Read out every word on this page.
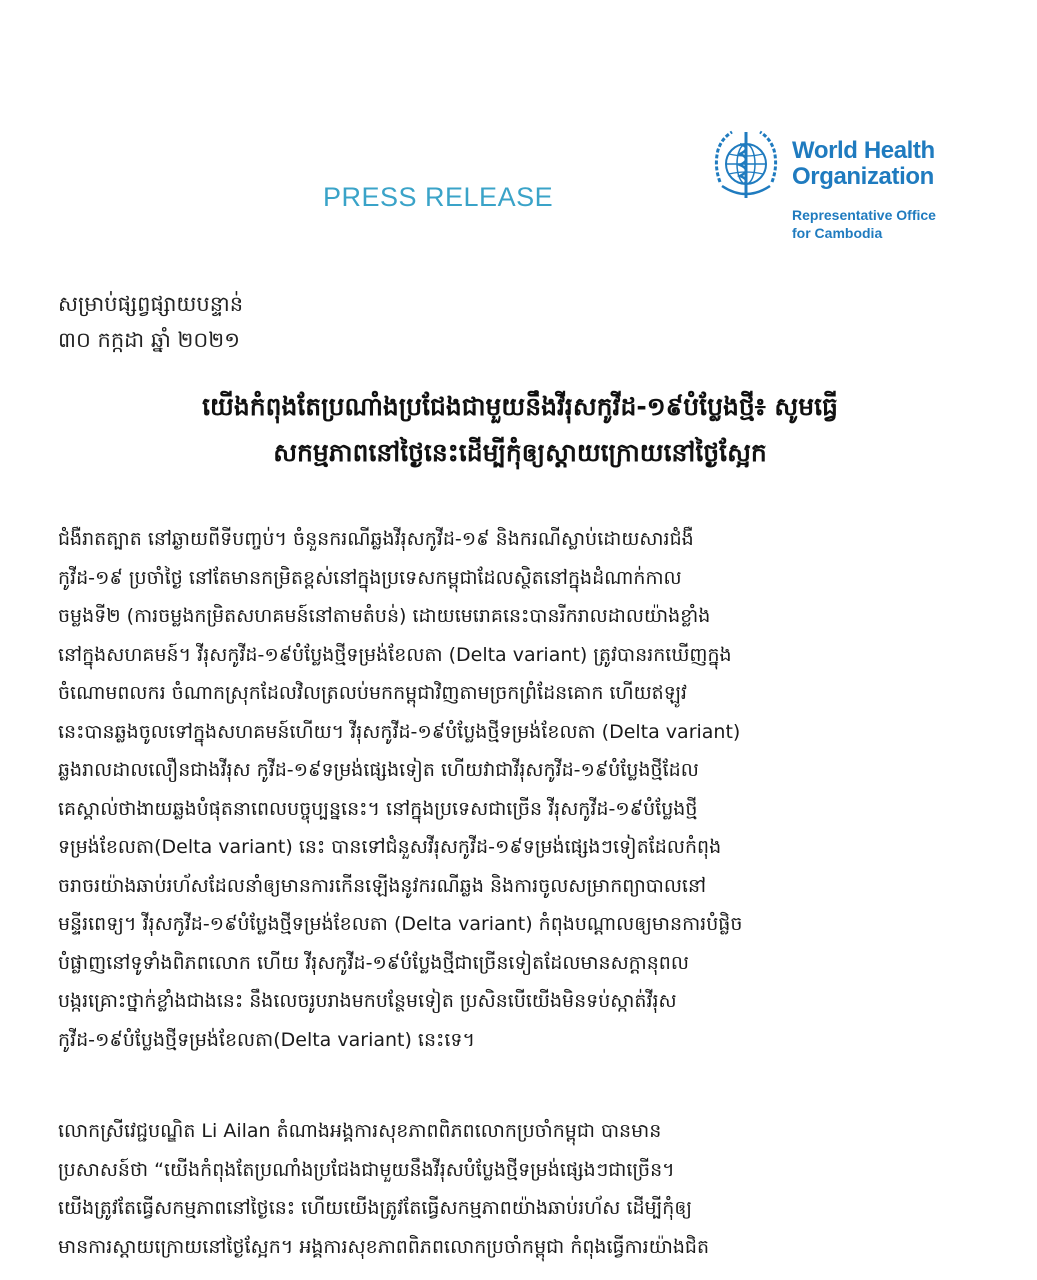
PRESS RELEASE
World Health
Organization
Representative Office
for Cambodia
សម្រាប់ផ្សព្វផ្សាយបន្ទាន់
៣០ កក្កដា ឆ្នាំ ២០២១
យើងកំពុងតែប្រណាំងប្រជែងជាមួយនឹងវីរុសកូវីដ-១៩បំប្លែងថ្មី៖ សូមធ្វើ
សកម្មភាពនៅថ្ងៃនេះដើម្បីកុំឲ្យស្តាយក្រោយនៅថ្ងៃស្អែក
ជំងឺរាតត្បាត នៅឆ្ងាយពីទីបញ្ចប់។ ចំនួនករណីឆ្លងវីរុសកូវីដ-១៩ និងករណីស្លាប់ដោយសារជំងឺ
កូវីដ-១៩ ប្រចាំថ្ងៃ នៅតែមានកម្រិតខ្ពស់នៅក្នុងប្រទេសកម្ពុជាដែលស្ថិតនៅក្នុងដំណាក់កាល
ចម្លងទី២ (ការចម្លងកម្រិតសហគមន៍នៅតាមតំបន់) ដោយមេរោគនេះបានរីករាលដាលយ៉ាងខ្លាំង
នៅក្នុងសហគមន៍។ វីរុសកូវីដ-១៩បំប្លែងថ្មីទម្រង់ខែលតា (Delta variant) ត្រូវបានរកឃើញក្នុង
ចំណោមពលករ ចំណាកស្រុកដែលវិលត្រលប់មកកម្ពុជាវិញតាមច្រកព្រំដែនគោក ហើយឥឡូវ
នេះបានឆ្លងចូលទៅក្នុងសហគមន៍ហើយ។ វីរុសកូវីដ-១៩បំប្លែងថ្មីទម្រង់ខែលតា (Delta variant)
ឆ្លងរាលដាលលឿនជាងវីរុស កូវីដ-១៩ទម្រង់ផ្សេងទៀត ហើយវាជាវីរុសកូវីដ-១៩បំប្លែងថ្មីដែល
គេស្គាល់ថាងាយឆ្លងបំផុតនាពេលបច្ចុប្បន្ននេះ។ នៅក្នុងប្រទេសជាច្រើន វីរុសកូវីដ-១៩បំប្លែងថ្មី
ទម្រង់ខែលតា(Delta variant) នេះ បានទៅជំនួសវីរុសកូវីដ-១៩ទម្រង់ផ្សេងៗទៀតដែលកំពុង
ចរាចរយ៉ាងឆាប់រហ័សដែលនាំឲ្យមានការកើនឡើងនូវករណីឆ្លង និងការចូលសម្រាកព្យាបាលនៅ
មន្ទីរពេទ្យ។ វីរុសកូវីដ-១៩បំប្លែងថ្មីទម្រង់ខែលតា (Delta variant) កំពុងបណ្តាលឲ្យមានការបំផ្លិច
បំផ្លាញនៅទូទាំងពិភពលោក ហើយ វីរុសកូវីដ-១៩បំប្លែងថ្មីជាច្រើនទៀតដែលមានសក្តានុពល
បង្ករគ្រោះថ្នាក់ខ្លាំងជាងនេះ នឹងលេចរូបរាងមកបន្ថែមទៀត ប្រសិនបើយើងមិនទប់ស្កាត់វីរុស
កូវីដ-១៩បំប្លែងថ្មីទម្រង់ខែលតា(Delta variant) នេះទេ។
លោកស្រីវេជ្ជបណ្ឌិត Li Ailan តំណាងអង្គការសុខភាពពិភពលោកប្រចាំកម្ពុជា បានមាន
ប្រសាសន៍ថា “យើងកំពុងតែប្រណាំងប្រជែងជាមួយនឹងវីរុសបំប្លែងថ្មីទម្រង់ផ្សេងៗជាច្រើន។
យើងត្រូវតែធ្វើសកម្មភាពនៅថ្ងៃនេះ ហើយយើងត្រូវតែធ្វើសកម្មភាពយ៉ាងឆាប់រហ័ស ដើម្បីកុំឲ្យ
មានការស្តាយក្រោយនៅថ្ងៃស្អែក។ អង្គការសុខភាពពិភពលោកប្រចាំកម្ពុជា កំពុងធ្វើការយ៉ាងជិត
